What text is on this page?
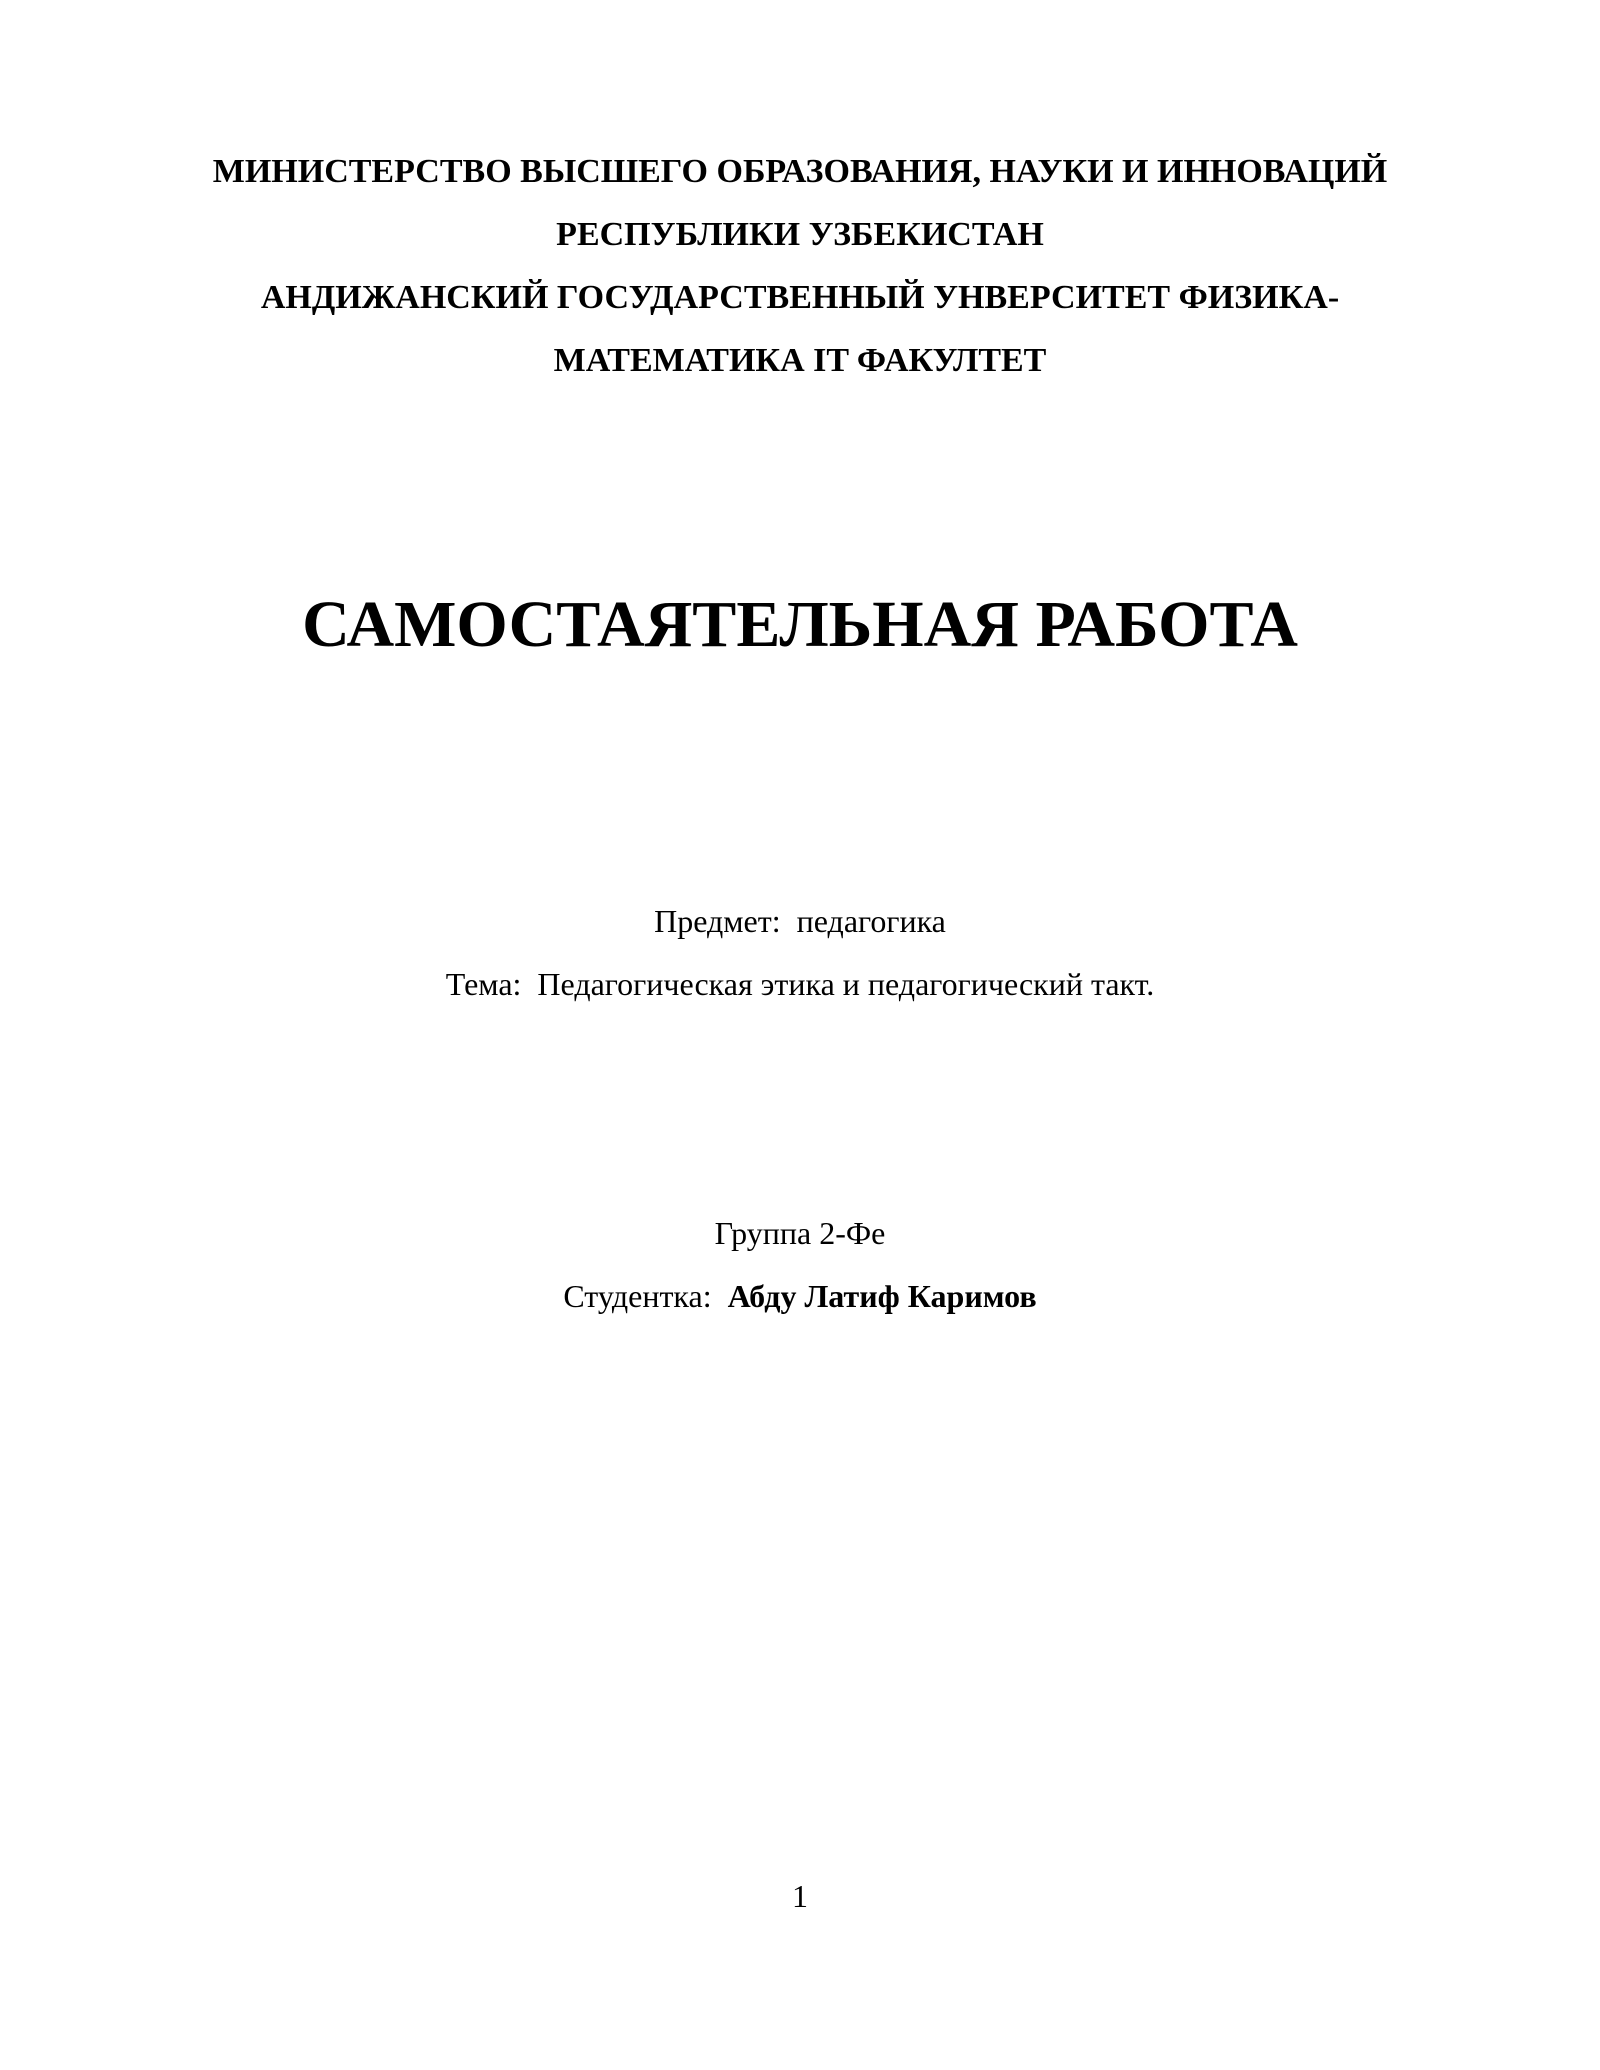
МИНИСТЕРСТВО ВЫСШЕГО ОБРАЗОВАНИЯ, НАУКИ И ИННОВАЦИЙ
РЕСПУБЛИКИ УЗБЕКИСТАН
АНДИЖАНСКИЙ ГОСУДАРСТВЕННЫЙ УНВЕРСИТЕТ ФИЗИКА-
МАТЕМАТИКА IT ФАКУЛТЕТ
САМОСТАЯТЕЛЬНАЯ РАБОТА
Предмет: педагогика
Тема: Педагогическая этика и педагогический такт.
Группа 2-Фе
Студентка: Абду Латиф Каримов
1
